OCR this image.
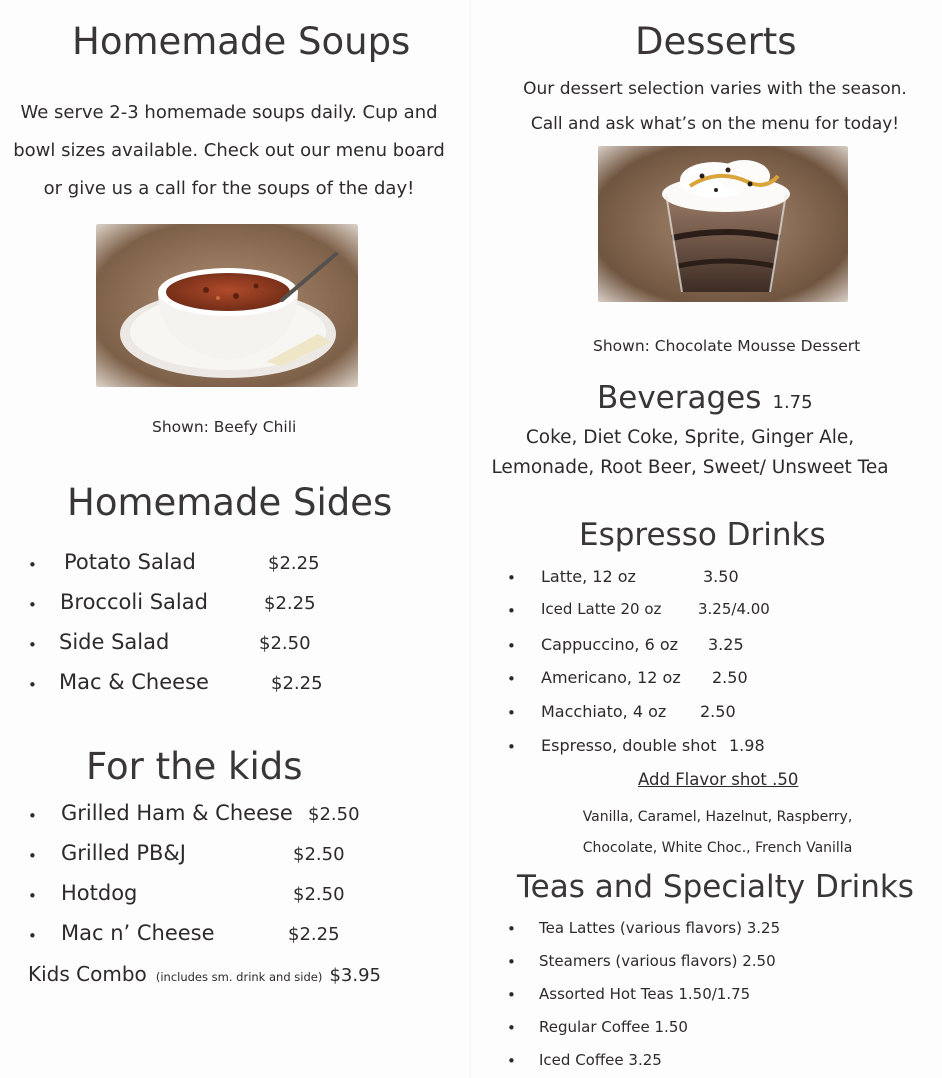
Homemade Soups
We serve 2-3 homemade soups daily. Cup and
bowl sizes available. Check out our menu board
or give us a call for the soups of the day!
Shown: Beefy Chili
Homemade Sides
• Potato Salad	$2.25
• Broccoli Salad	$2.25
• Side Salad	$2.50
• Mac & Cheese	$2.25
For the kids
• Grilled Ham & Cheese $2.50
• Grilled PB&J	$2.50
• Hotdog	$2.50
• Mac n’ Cheese	$2.25
Kids Combo (includes sm. drink and side) $3.95
Desserts
Our dessert selection varies with the season.
Call and ask what’s on the menu for today!
Shown: Chocolate Mousse Dessert
Beverages 1.75
Coke, Diet Coke, Sprite, Ginger Ale,
Lemonade, Root Beer, Sweet/ Unsweet Tea
Espresso Drinks
• Latte, 12 oz	3.50
• Iced Latte 20 oz 3.25/4.00
• Cappuccino, 6 oz 3.25
• Americano, 12 oz 2.50
• Macchiato, 4 oz 2.50
• Espresso, double shot 1.98
Add Flavor shot .50
Vanilla, Caramel, Hazelnut, Raspberry,
Chocolate, White Choc., French Vanilla
Teas and Specialty Drinks
• Tea Lattes (various flavors) 3.25
• Steamers (various flavors) 2.50
• Assorted Hot Teas 1.50/1.75
• Regular Coffee 1.50
• Iced Coffee 3.25
